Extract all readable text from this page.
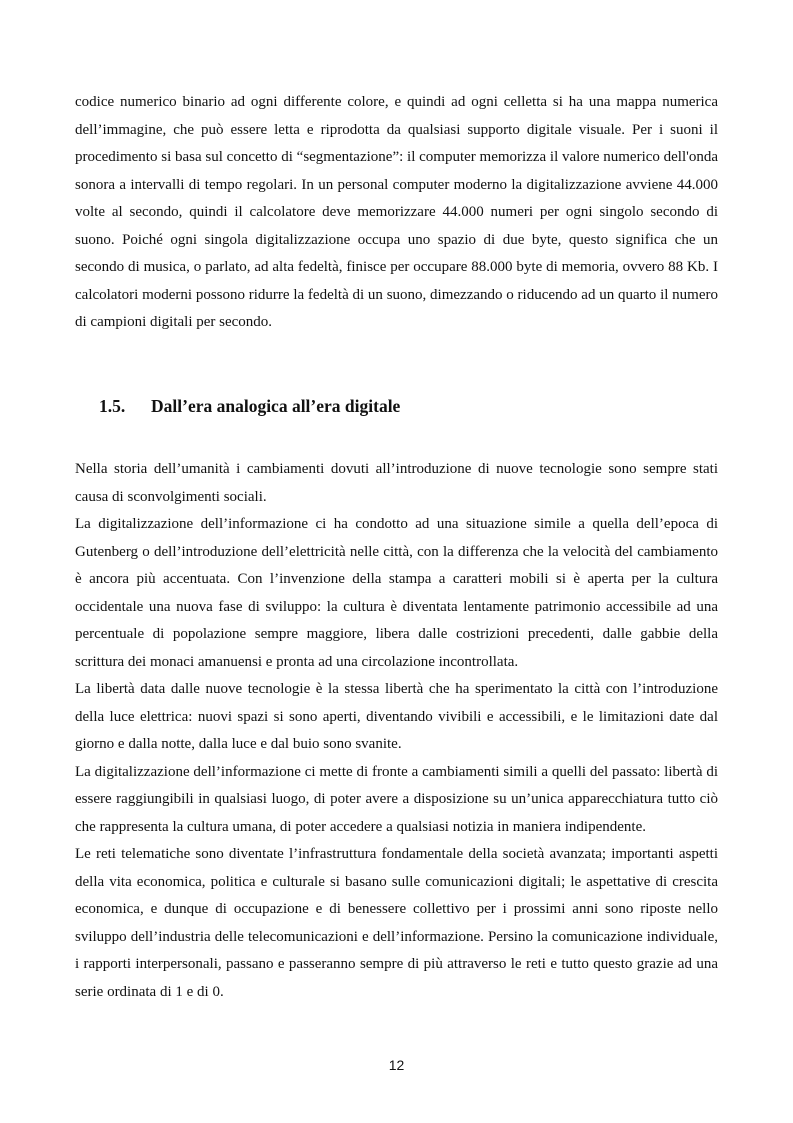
codice numerico binario ad ogni differente colore, e quindi ad ogni celletta si ha una mappa numerica dell’immagine, che può essere letta e riprodotta da qualsiasi supporto digitale visuale. Per i suoni il procedimento si basa sul concetto di “segmentazione”: il computer memorizza il valore numerico dell'onda sonora a intervalli di tempo regolari. In un personal computer moderno la digitalizzazione avviene 44.000 volte al secondo, quindi il calcolatore deve memorizzare 44.000 numeri per ogni singolo secondo di suono. Poiché ogni singola digitalizzazione occupa uno spazio di due byte, questo significa che un secondo di musica, o parlato, ad alta fedeltà, finisce per occupare 88.000 byte di memoria, ovvero 88 Kb. I calcolatori moderni possono ridurre la fedeltà di un suono, dimezzando o riducendo ad un quarto il numero di campioni digitali per secondo.

1.5. Dall’era analogica all’era digitale

Nella storia dell’umanità i cambiamenti dovuti all’introduzione di nuove tecnologie sono sempre stati causa di sconvolgimenti sociali.

La digitalizzazione dell’informazione ci ha condotto ad una situazione simile a quella dell’epoca di Gutenberg o dell’introduzione dell’elettricità nelle città, con la differenza che la velocità del cambiamento è ancora più accentuata. Con l’invenzione della stampa a caratteri mobili si è aperta per la cultura occidentale una nuova fase di sviluppo: la cultura è diventata lentamente patrimonio accessibile ad una percentuale di popolazione sempre maggiore, libera dalle costrizioni precedenti, dalle gabbie della scrittura dei monaci amanuensi e pronta ad una circolazione incontrollata.

La libertà data dalle nuove tecnologie è la stessa libertà che ha sperimentato la città con l’introduzione della luce elettrica: nuovi spazi si sono aperti, diventando vivibili e accessibili, e le limitazioni date dal giorno e dalla notte, dalla luce e dal buio sono svanite.

La digitalizzazione dell’informazione ci mette di fronte a cambiamenti simili a quelli del passato: libertà di essere raggiungibili in qualsiasi luogo, di poter avere a disposizione su un’unica apparecchiatura tutto ciò che rappresenta la cultura umana, di poter accedere a qualsiasi notizia in maniera indipendente.

Le reti telematiche sono diventate l’infrastruttura fondamentale della società avanzata; importanti aspetti della vita economica, politica e culturale si basano sulle comunicazioni digitali; le aspettative di crescita economica, e dunque di occupazione e di benessere collettivo per i prossimi anni sono riposte nello sviluppo dell’industria delle telecomunicazioni e dell’informazione. Persino la comunicazione individuale, i rapporti interpersonali, passano e passeranno sempre di più attraverso le reti e tutto questo grazie ad una serie ordinata di 1 e di 0.

12
